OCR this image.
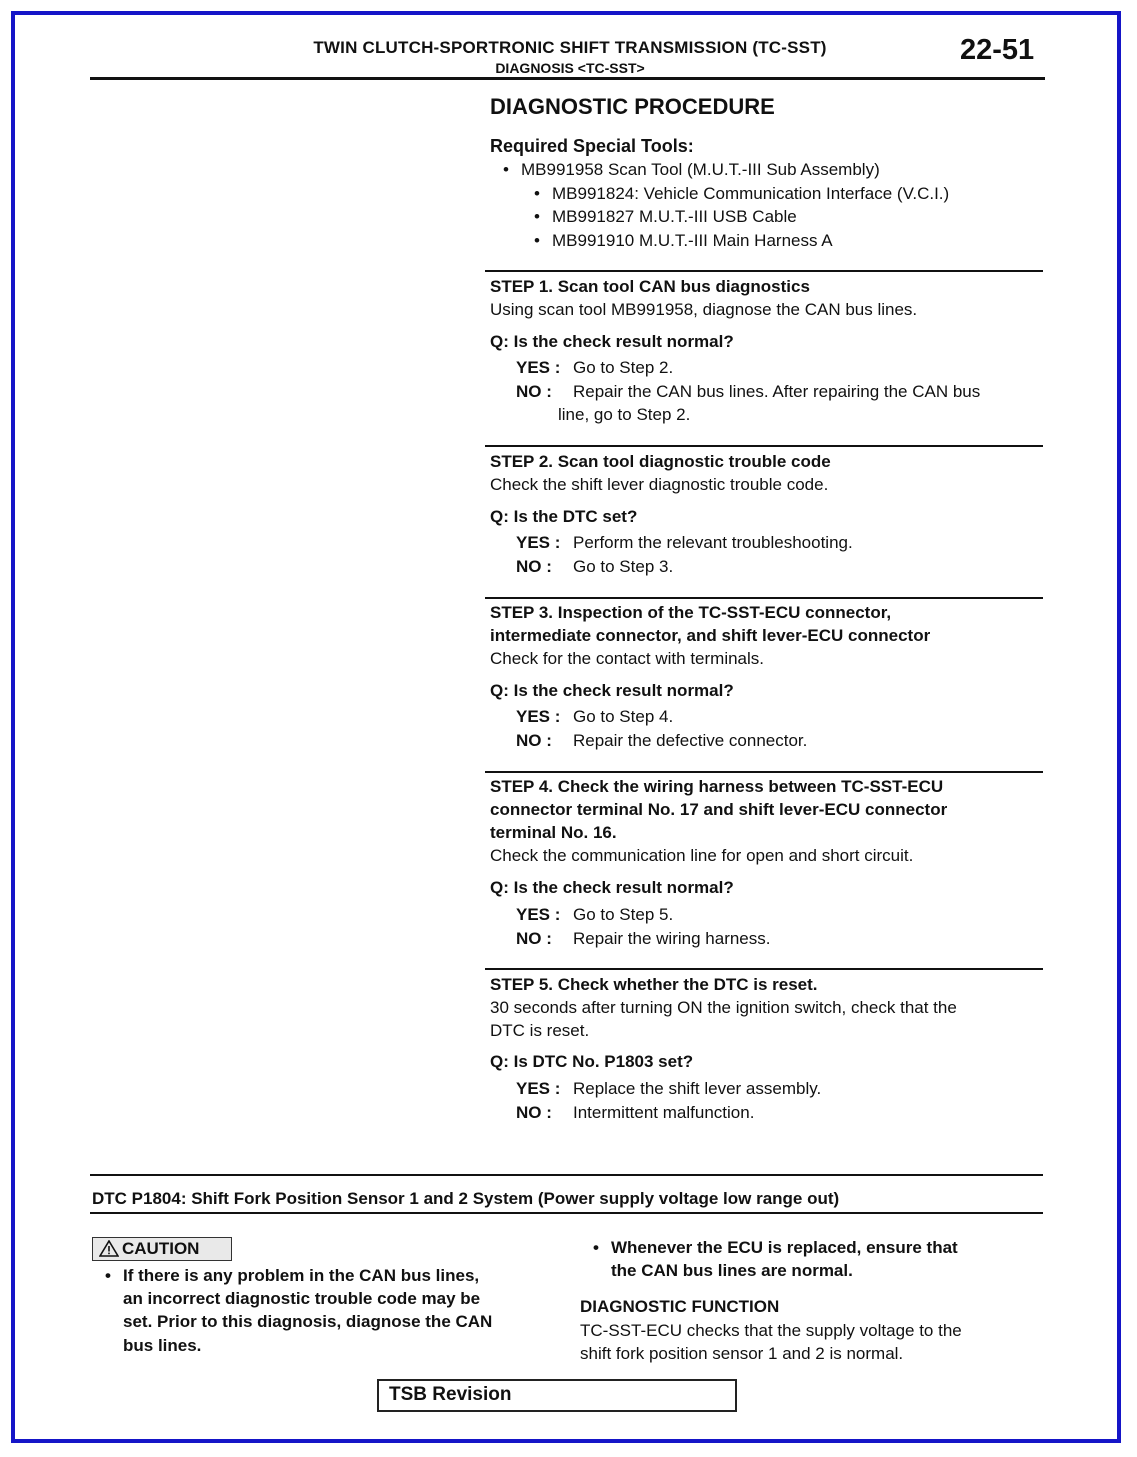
TWIN CLUTCH-SPORTRONIC SHIFT TRANSMISSION (TC-SST)
DIAGNOSIS <TC-SST>
22-51
DIAGNOSTIC PROCEDURE
Required Special Tools:
• MB991958 Scan Tool (M.U.T.-III Sub Assembly)
• MB991824: Vehicle Communication Interface (V.C.I.)
• MB991827 M.U.T.-III USB Cable
• MB991910 M.U.T.-III Main Harness A
STEP 1. Scan tool CAN bus diagnostics
Using scan tool MB991958, diagnose the CAN bus lines.
Q: Is the check result normal?
YES : Go to Step 2.
NO : Repair the CAN bus lines. After repairing the CAN bus
line, go to Step 2.
STEP 2. Scan tool diagnostic trouble code
Check the shift lever diagnostic trouble code.
Q: Is the DTC set?
YES : Perform the relevant troubleshooting.
NO : Go to Step 3.
STEP 3. Inspection of the TC-SST-ECU connector,
intermediate connector, and shift lever-ECU connector
Check for the contact with terminals.
Q: Is the check result normal?
YES : Go to Step 4.
NO : Repair the defective connector.
STEP 4. Check the wiring harness between TC-SST-ECU
connector terminal No. 17 and shift lever-ECU connector
terminal No. 16.
Check the communication line for open and short circuit.
Q: Is the check result normal?
YES : Go to Step 5.
NO : Repair the wiring harness.
STEP 5. Check whether the DTC is reset.
30 seconds after turning ON the ignition switch, check that the
DTC is reset.
Q: Is DTC No. P1803 set?
YES : Replace the shift lever assembly.
NO : Intermittent malfunction.
DTC P1804: Shift Fork Position Sensor 1 and 2 System (Power supply voltage low range out)
CAUTION
• If there is any problem in the CAN bus lines,
an incorrect diagnostic trouble code may be
set. Prior to this diagnosis, diagnose the CAN
bus lines.
• Whenever the ECU is replaced, ensure that
the CAN bus lines are normal.
DIAGNOSTIC FUNCTION
TC-SST-ECU checks that the supply voltage to the
shift fork position sensor 1 and 2 is normal.
TSB Revision
